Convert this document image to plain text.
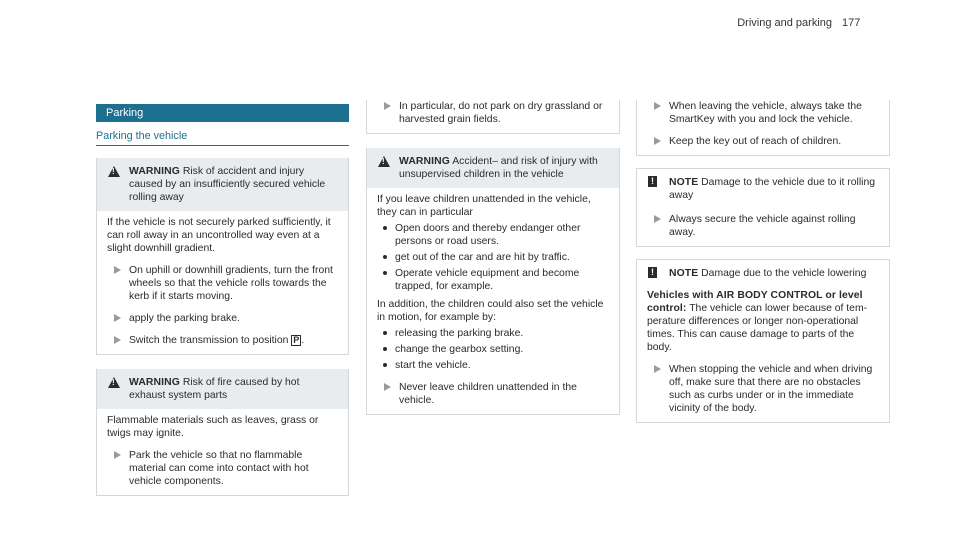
Driving and parking 177
Parking
Parking the vehicle
!
WARNING Risk of accident and injury caused by an insufficiently secured vehicle rolling away
If the vehicle is not securely parked sufficiently, it can roll away in an uncontrolled way even at a slight downhill gradient.
On uphill or downhill gradients, turn the front wheels so that the vehicle rolls towards the kerb if it starts moving.
apply the parking brake.
Switch the transmission to position P .
!
WARNING Risk of fire caused by hot exhaust system parts
Flammable materials such as leaves, grass or twigs may ignite.
Park the vehicle so that no flammable material can come into contact with hot vehicle components.
In particular, do not park on dry grassland or harvested grain fields.
!
WARNING Accident– and risk of injury with unsupervised children in the vehicle
If you leave children unattended in the vehicle, they can in particular
Open doors and thereby endanger other persons or road users.
get out of the car and are hit by traffic.
Operate vehicle equipment and become trapped, for example.
In addition, the children could also set the vehicle in motion, for example by:
releasing the parking brake.
change the gearbox setting.
start the vehicle.
Never leave children unattended in the vehicle.
When leaving the vehicle, always take the SmartKey with you and lock the vehicle.
Keep the key out of reach of children.
!	NOTE Damage to the vehicle due to it rolling away
Always secure the vehicle against rolling away.
!	NOTE Damage due to the vehicle lowering
Vehicles with AIR BODY CONTROL or level control: The vehicle can lower because of temperature differences or longer non-operational times. This can cause damage to parts of the body.
When stopping the vehicle and when driving off, make sure that there are no obstacles such as curbs under or in the immediate vicinity of the body.
